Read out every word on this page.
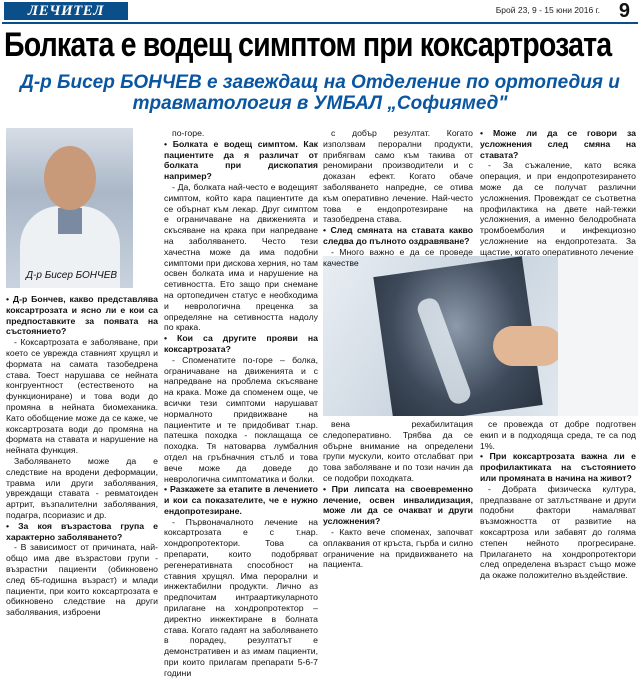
ЛЕЧИТЕЛ	Брой 23, 9 - 15 юни 2016 г. 9
Болката е водещ симптом при коксартрозата
Д-р Бисер БОНЧЕВ е завеждащ на Отделение по ортопедия и травматология в УМБАЛ „Софиямед"
Д-р Бисер БОНЧЕВ

• Д-р Бончев, какво представлява коксартрозата и ясно ли е кои са предпоставките за появата на състоянието?

- Коксартрозата е заболяване, при което се уврежда ставният хрущял и формата на самата тазобедрена става. Тоест нарушава се нейната конгруентност (естественото на функциониране) и това води до промяна в нейната биомеханика. Като обобщение може да се каже, че коксартрозата води до промяна на формата на ставата и нарушение на нейната функция.

Заболяването може да е следствие на вродени деформации, травма или други заболявания, увреждащи ставата - ревматоиден артрит, възпалителни заболявания, подагра, псориазис и др.

• За коя възрастова група е характерно заболяването?

- В зависимост от причината, най-общо има две възрастови групи - възрастни пациенти (обикновено след 65-годишна възраст) и млади пациенти, при които коксартрозата е обикновено следствие на други заболявания, изброени

по-горе.

• Болката е водещ симптом. Как пациентите да я различат от болката при дископатия например?

- Да, болката най-често е водещият симптом, който кара пациентите да се обърнат към лекар. Друг симптом е ограничаване на движенията и скъсяване на крака при напредване на заболяването. Често тези хачестна може да има подобни симптоми при дискова херния, но там освен болката има и нарушение на сетивността. Ето защо при снемане на ортопедичен статус е необходима и неврологична преценка за определяне на сетивността надолу по крака.

• Кои са другите прояви на коксартрозата?

- Споменатите по-горе – болка, ограничаване на движенията и с напредване на проблема скъсяване на крака. Може да споменем още, че всички тези симптоми нарушават нормалното придвижване на пациентите и те придобиват т.нар. патешка походка - поклащаща се походка. Тя натоварва лумбалния отдел на гръбначния стълб и това вече може да доведе до неврологична симптоматика и болки.

• Разкажете за етапите в лечението и кои са показателите, че е нужно ендопротезиране.

- Първоначалното лечение на коксартрозата е с т.нар. хондропротектори. Това са препарати, които подобряват регенеративната способност на ставния хрущял. Има перорални и инжектабилни продукти. Лично аз предпочитам интраартикуларното прилагане на хондропротектор – директно инжектиране в болната става. Когато гадаят на заболяването в порадеџ, резултатът е демонстративен и аз имам пациенти, при които прилагам препарати 5-6-7 години

с добър резултат. Когато използвам перорални продукти, прибягвам само към такива от реномирани производители и с доказан ефект. Когато обаче заболяването напредне, се отива към оперативно лечение. Най-често това е ендопротезиране на тазобедрена става.

• След смяната на ставата какво следва до пълното оздравяване?

- Много важно е да се проведе качестве

• Може ли да се говори за усложнения след смяна на ставата?

- За съжаление, като всяка операция, и при ендопротезирането може да се получат различни усложнения. Провеждат се съответна профилактика на двете най-тежки усложнения, а именно белодробната тромбоемболия и инфекциозно усложнение на ендопротезата. За щастие, когато оперативното лечение

вена рехабилитация следоперативно. Трябва да се обърне внимание на определени групи мускули, които отслабват при това заболяване и по този начин да се подобри походката.

• При липсата на своевременно лечение, освен инвалидизация, може ли да се очакват и други усложнения?

- Както вече споменах, започват оплаквания от кръста, гърба и силно ограничение на придвижването на пациента.

се провежда от добре подготвен екип и в подходяща среда, те са под 1%.

• При коксартрозата важна ли е профилактиката на състоянието или промяната в начина на живот?

- Добрата физическа култура, предпазване от затлъстяване и други подобни фактори намаляват възможността от развитие на коксартроза или забавят до голяма степен нейното прогресиране. Прилагането на хондропротектори след определена възраст също може да окаже положително въздействие.
